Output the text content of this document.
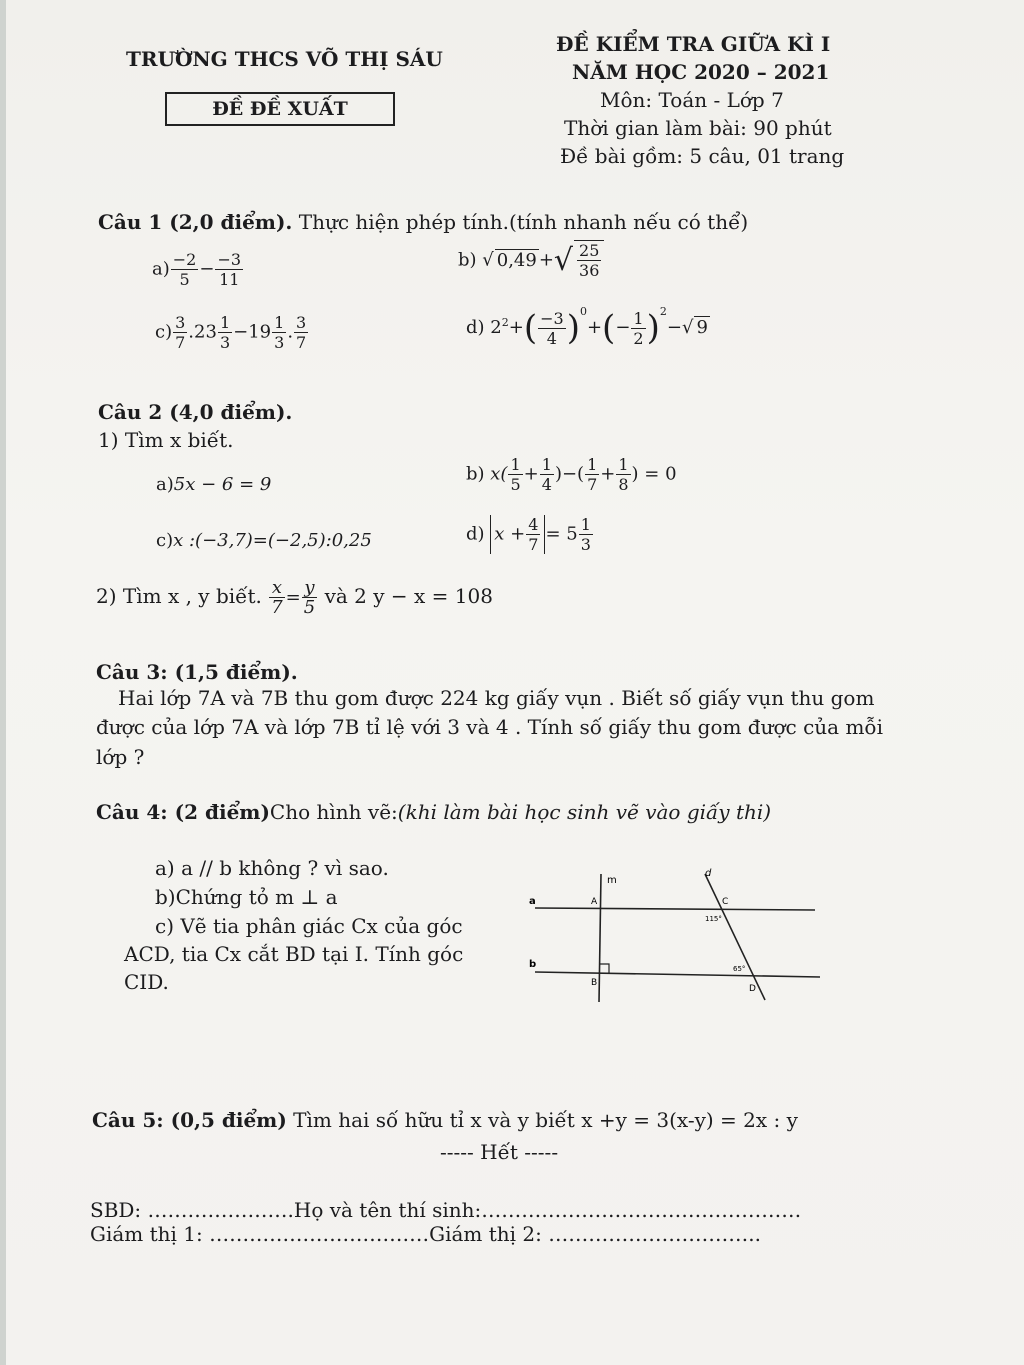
TRƯỜNG THCS VÕ THỊ SÁU
ĐỀ ĐỀ XUẤT
ĐỀ KIỂM TRA GIỮA KÌ I
NĂM HỌC 2020 – 2021
Môn: Toán - Lớp 7
Thời gian làm bài: 90 phút
Đề bài gồm: 5 câu, 01 trang
Câu 1 (2,0 điểm). Thực hiện phép tính.(tính nhanh nếu có thể)
$a) \frac{-2}{5} - \frac{-3}{11}$	b) √ 0,49 +√ $\frac{25}{36}$
$c) \frac{3}{7} .23 \frac{1}{3} -19 \frac{1}{3}$ . $\frac{3}{7}$	d) $2^2+( \frac{-3}{4} )^0+(- \frac{1}{2} )^2-√$ 9
Câu 2 (4,0 điểm).
1) Tìm x biết.
a)5x − 6 = 9	b) $x( \frac{1}{5} + \frac{1}{4}$ )−( $\frac{1}{7} + \frac{1}{8}$ ) = 0
c)x :(−3,7)=(−2,5):0,25	d) $x + \frac{4}{7} = 5 \frac{1}{3}$
2) Tìm x , y biết. $\frac{x}{7} = \frac{y}{5}$ và 2 y − x = 108
Câu 3: (1,5 điểm).
Hai lớp 7A và 7B thu gom được 224 kg giấy vụn . Biết số giấy vụn thu gom
được của lớp 7A và lớp 7B tỉ lệ với 3 và 4 . Tính số giấy thu gom được của mỗi
lớp ?
Câu 4: (2 điểm)Cho hình vẽ:(khi làm bài học sinh vẽ vào giấy thi)
a) a // b không ? vì sao.
b)Chứng tỏ m ⊥ a
c) Vẽ tia phân giác Cx của góc
ACD, tia Cx cắt BD tại I. Tính góc
CID.
m
d
a
b
A
B
C
D
115°
65°
Câu 5: (0,5 điểm) Tìm hai số hữu tỉ x và y biết x +y = 3(x-y) = 2x : y
----- Hết -----
SBD: ………………….Họ và tên thí sinh:…………………………………………
Giám thị 1: ……………………………Giám thị 2: …………………………..
